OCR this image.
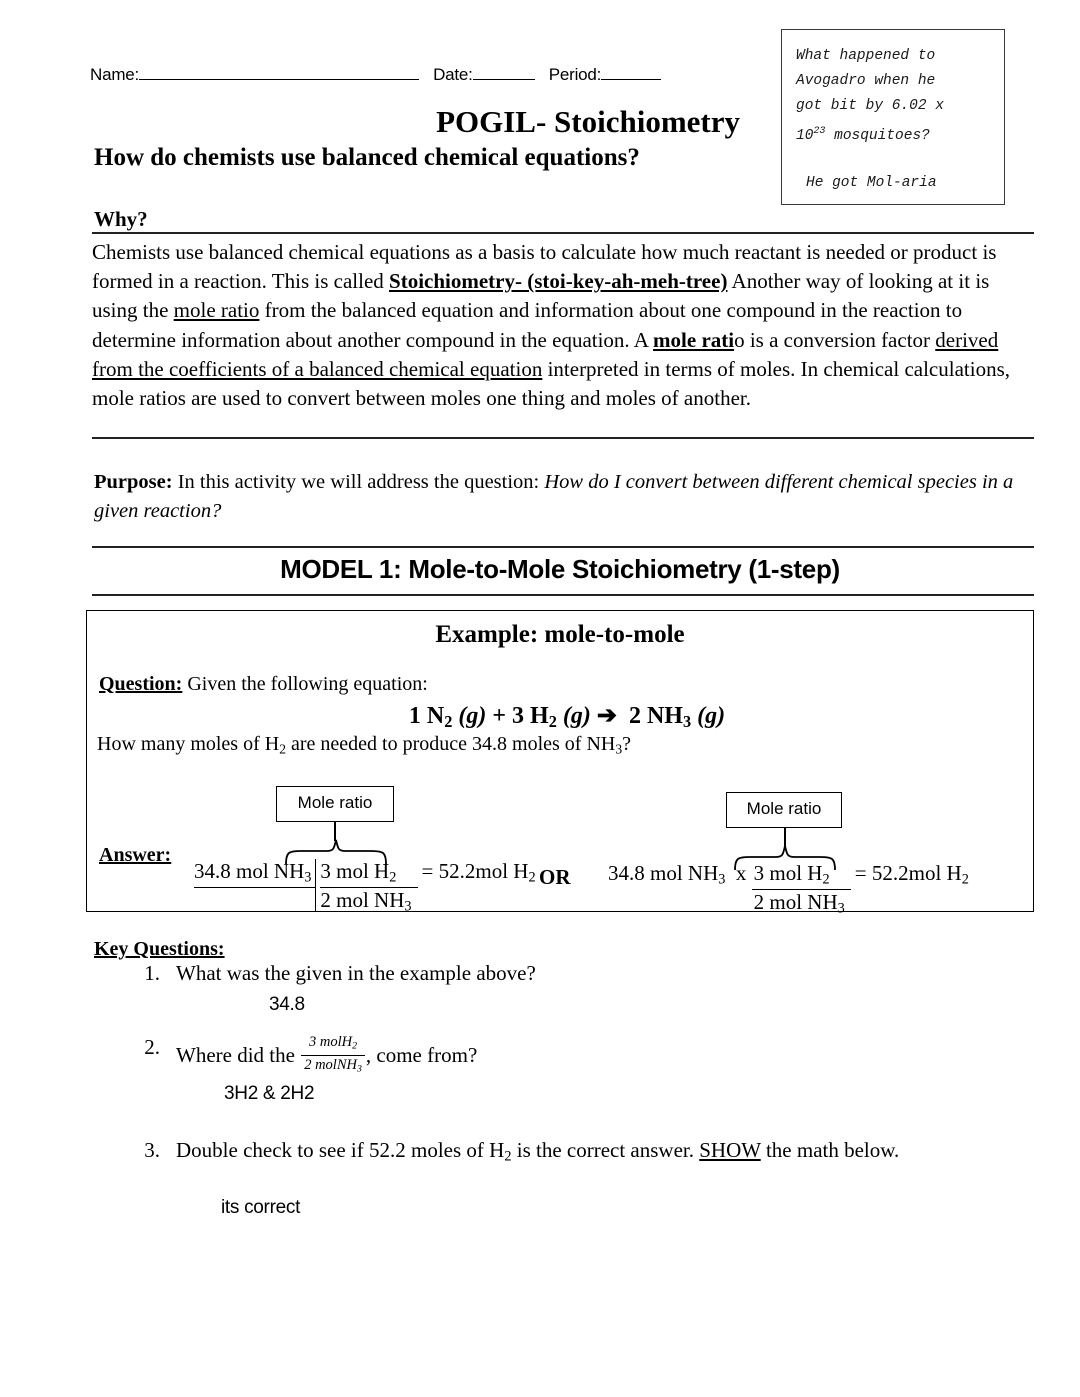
Name:	Date:	Period:
What happened to
Avogadro when he
got bit by 6.02 x
$10^{23}$ mosquitoes?
He got Mol-aria
POGIL- Stoichiometry
How do chemists use balanced chemical equations?
Why?
Chemists use balanced chemical equations as a basis to calculate how much reactant is needed or product is formed in a reaction. This is called Stoichiometry- (stoi-key-ah-meh-tree) Another way of looking at it is using the mole ratio from the balanced equation and information about one compound in the reaction to determine information about another compound in the equation. A mole ratio is a conversion factor derived from the coefficients of a balanced chemical equation interpreted in terms of moles. In chemical calculations, mole ratios are used to convert between moles one thing and moles of another.
Purpose: In this activity we will address the question: How do I convert between different chemical species in a given reaction?
MODEL 1: Mole-to-Mole Stoichiometry (1-step)
Example: mole-to-mole
Question: Given the following equation:
1 $N_2$ (g) + 3 $H_2$ (g) ➔ 2 $NH_3$ (g)
How many moles of $H_2$ are needed to produce 34.8 moles of $NH_3$?
Mole ratio
Answer:
34.8 mol $NH_3 \frac{3 mol H_2}{2 mol NH_3} = 52.2mol$ $H_2$ OR
Mole ratio
34.8 mol $NH_3$ x $\frac{3 mol H_2}{2 mol NH_3} = 52.2mol$ $H_2$
Key Questions:
1. What was the given in the example above?
34.8
2. Where did the
3 molH$_2$
2 molNH$_3$
, come from?
3H2 & 2H2
3. Double check to see if 52.2 moles of $H_2$ is the correct answer. SHOW the math below.
its correct
